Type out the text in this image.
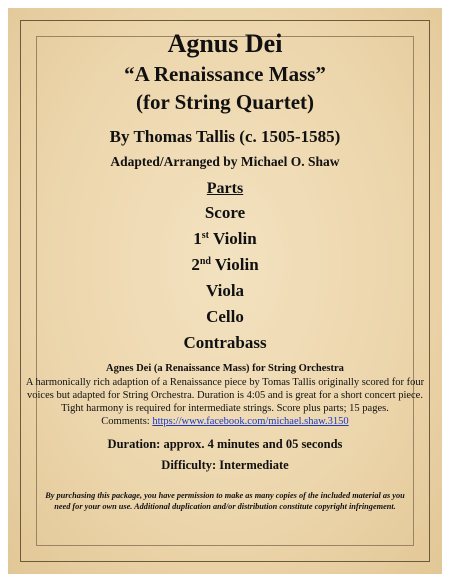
Agnus Dei
“A Renaissance Mass”
(for String Quartet)
By Thomas Tallis (c. 1505-1585)
Adapted/Arranged by Michael O. Shaw
Parts
Score
1st Violin
2nd Violin
Viola
Cello
Contrabass
Agnes Dei (a Renaissance Mass) for String Orchestra
A harmonically rich adaption of a Renaissance piece by Tomas Tallis originally scored for four voices but adapted for String Orchestra. Duration is 4:05 and is great for a short concert piece. Tight harmony is required for intermediate strings. Score plus parts; 15 pages.
Comments: https://www.facebook.com/michael.shaw.3150
Duration: approx. 4 minutes and 05 seconds
Difficulty: Intermediate
By purchasing this package, you have permission to make as many copies of the included material as you need for your own use. Additional duplication and/or distribution constitute copyright infringement.
